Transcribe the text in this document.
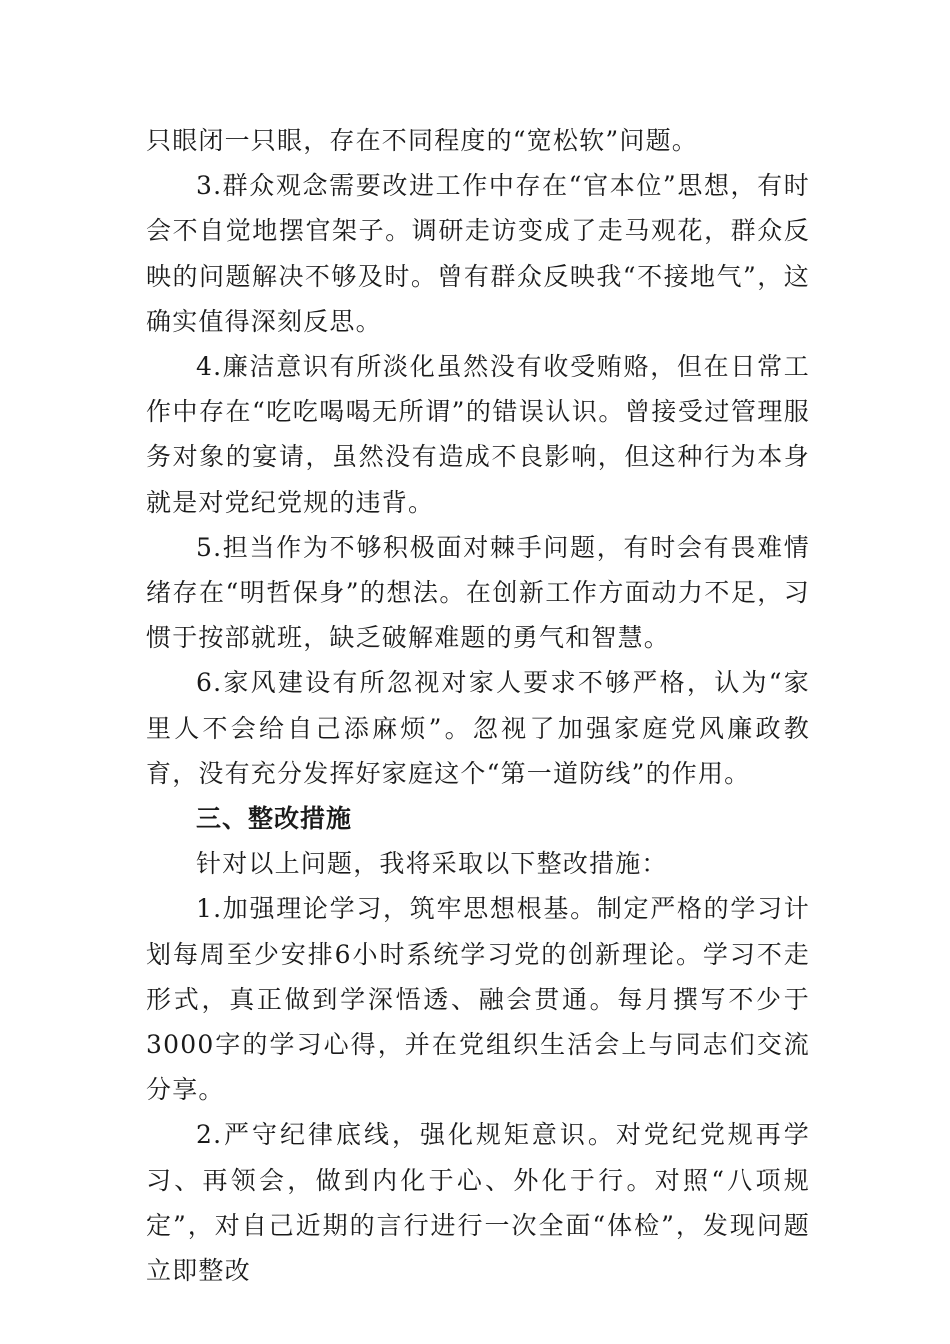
只眼闭一只眼，存在不同程度的“宽松软”问题。

3.群众观念需要改进工作中存在“官本位”思想，有时会不自觉地摆官架子。调研走访变成了走马观花，群众反映的问题解决不够及时。曾有群众反映我“不接地气”，这确实值得深刻反思。

4.廉洁意识有所淡化虽然没有收受贿赂，但在日常工作中存在“吃吃喝喝无所谓”的错误认识。曾接受过管理服务对象的宴请，虽然没有造成不良影响，但这种行为本身就是对党纪党规的违背。

5.担当作为不够积极面对棘手问题，有时会有畏难情绪存在“明哲保身”的想法。在创新工作方面动力不足，习惯于按部就班，缺乏破解难题的勇气和智慧。

6.家风建设有所忽视对家人要求不够严格，认为“家里人不会给自己添麻烦”。忽视了加强家庭党风廉政教育，没有充分发挥好家庭这个“第一道防线”的作用。

三、整改措施

针对以上问题，我将采取以下整改措施：

1.加强理论学习，筑牢思想根基。制定严格的学习计划每周至少安排6小时系统学习党的创新理论。学习不走形式，真正做到学深悟透、融会贯通。每月撰写不少于3000字的学习心得，并在党组织生活会上与同志们交流分享。

2.严守纪律底线，强化规矩意识。对党纪党规再学习、再领会，做到内化于心、外化于行。对照“八项规定”，对自己近期的言行进行一次全面“体检”，发现问题立即整改
